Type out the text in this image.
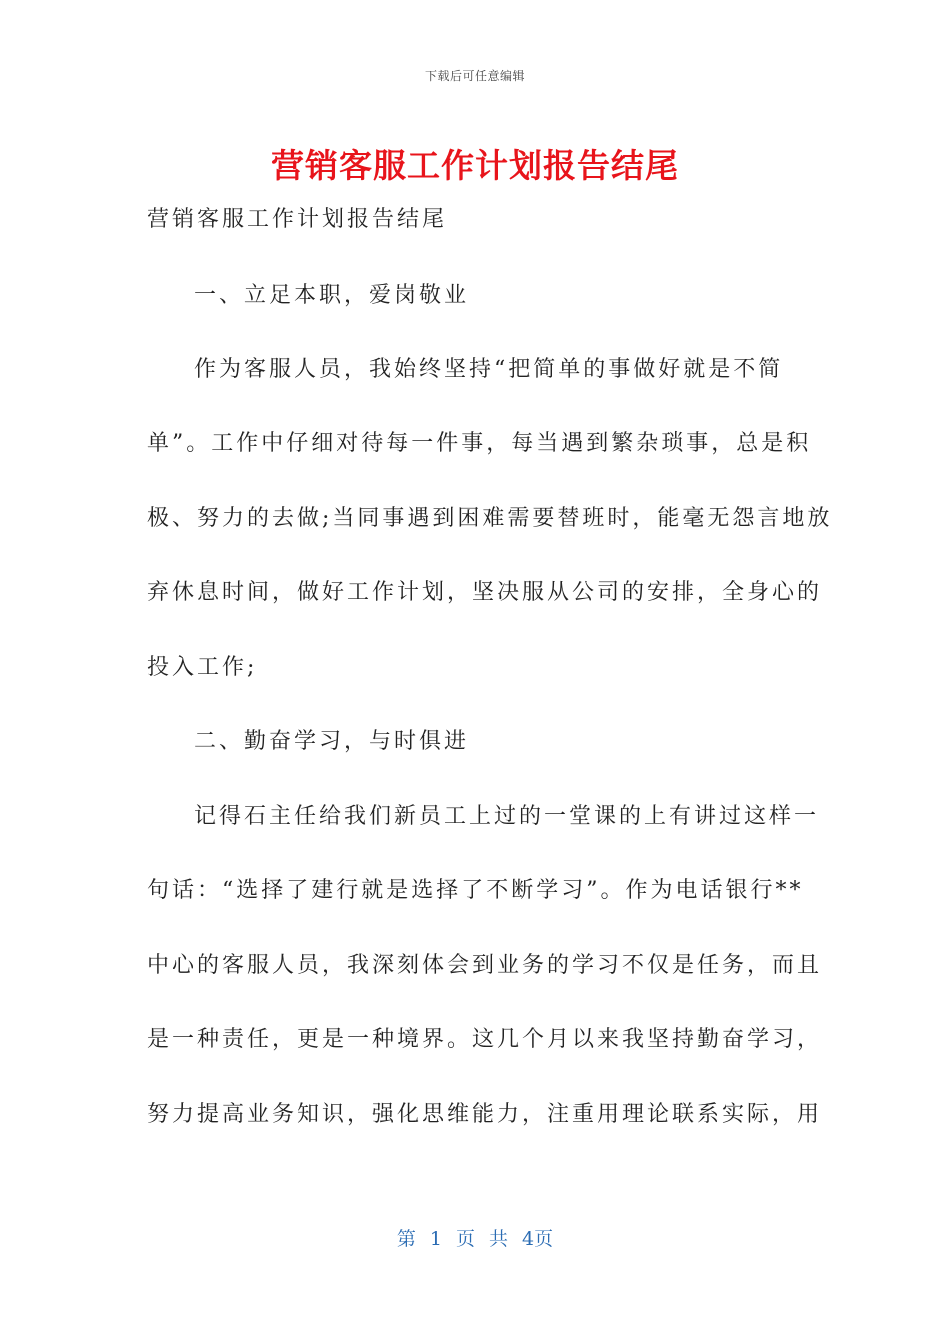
下载后可任意编辑
营销客服工作计划报告结尾
营销客服工作计划报告结尾
一、立足本职，爱岗敬业
作为客服人员，我始终坚持“把简单的事做好就是不简
单”。工作中仔细对待每一件事，每当遇到繁杂琐事，总是积
极、努力的去做;当同事遇到困难需要替班时，能毫无怨言地放
弃休息时间，做好工作计划，坚决服从公司的安排，全身心的
投入工作;
二、勤奋学习，与时俱进
记得石主任给我们新员工上过的一堂课的上有讲过这样一
句话：“选择了建行就是选择了不断学习”。作为电话银行**
中心的客服人员，我深刻体会到业务的学习不仅是任务，而且
是一种责任，更是一种境界。这几个月以来我坚持勤奋学习，
努力提高业务知识，强化思维能力，注重用理论联系实际，用
第 1 页 共 4页
